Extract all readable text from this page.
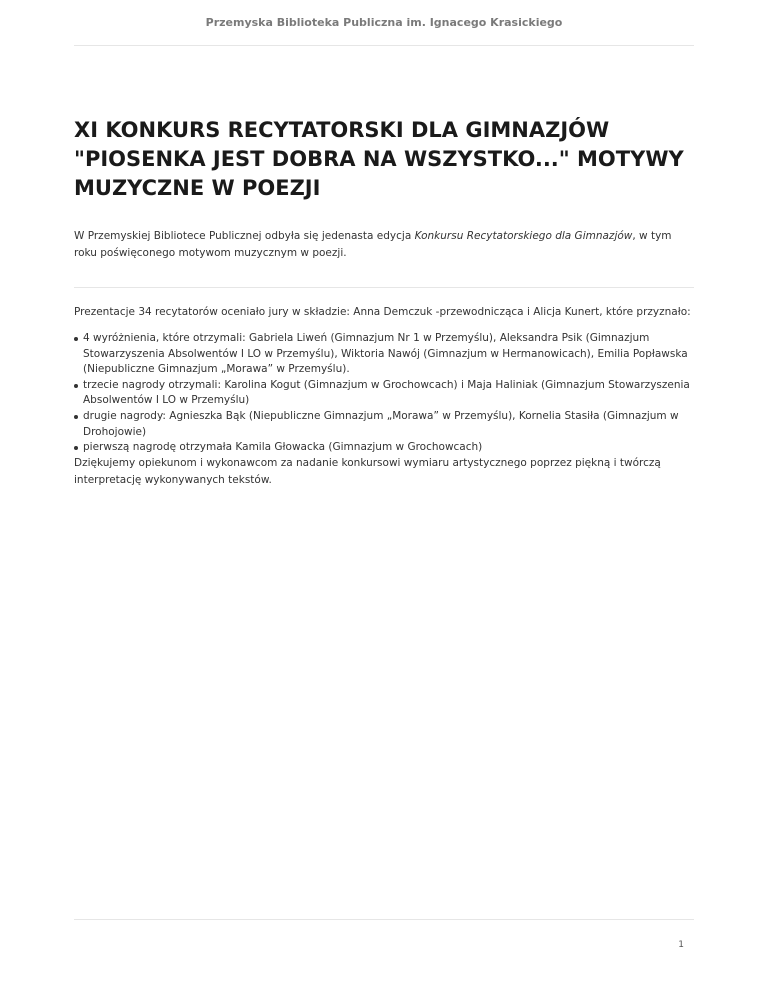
Przemyska Biblioteka Publiczna im. Ignacego Krasickiego
XI KONKURS RECYTATORSKI DLA GIMNAZJÓW "PIOSENKA JEST DOBRA NA WSZYSTKO..." MOTYWY MUZYCZNE W POEZJI

W Przemyskiej Bibliotece Publicznej odbyła się jedenasta edycja Konkursu Recytatorskiego dla Gimnazjów, w tym roku poświęconego motywom muzycznym w poezji.

Prezentacje 34 recytatorów oceniało jury w składzie: Anna Demczuk -przewodnicząca i Alicja Kunert, które przyznało:

4 wyróżnienia, które otrzymali: Gabriela Liweń (Gimnazjum Nr 1 w Przemyślu), Aleksandra Psik (Gimnazjum Stowarzyszenia Absolwentów I LO w Przemyślu), Wiktoria Nawój (Gimnazjum w Hermanowicach), Emilia Popławska (Niepubliczne Gimnazjum „Morawa” w Przemyślu).
trzecie nagrody otrzymali: Karolina Kogut (Gimnazjum w Grochowcach) i Maja Haliniak (Gimnazjum Stowarzyszenia Absolwentów I LO w Przemyślu)
drugie nagrody: Agnieszka Bąk (Niepubliczne Gimnazjum „Morawa” w Przemyślu), Kornelia Stasiła (Gimnazjum w Drohojowie)
pierwszą nagrodę otrzymała Kamila Głowacka (Gimnazjum w Grochowcach)

Dziękujemy opiekunom i wykonawcom za nadanie konkursowi wymiaru artystycznego poprzez piękną i twórczą interpretację wykonywanych tekstów.

1
